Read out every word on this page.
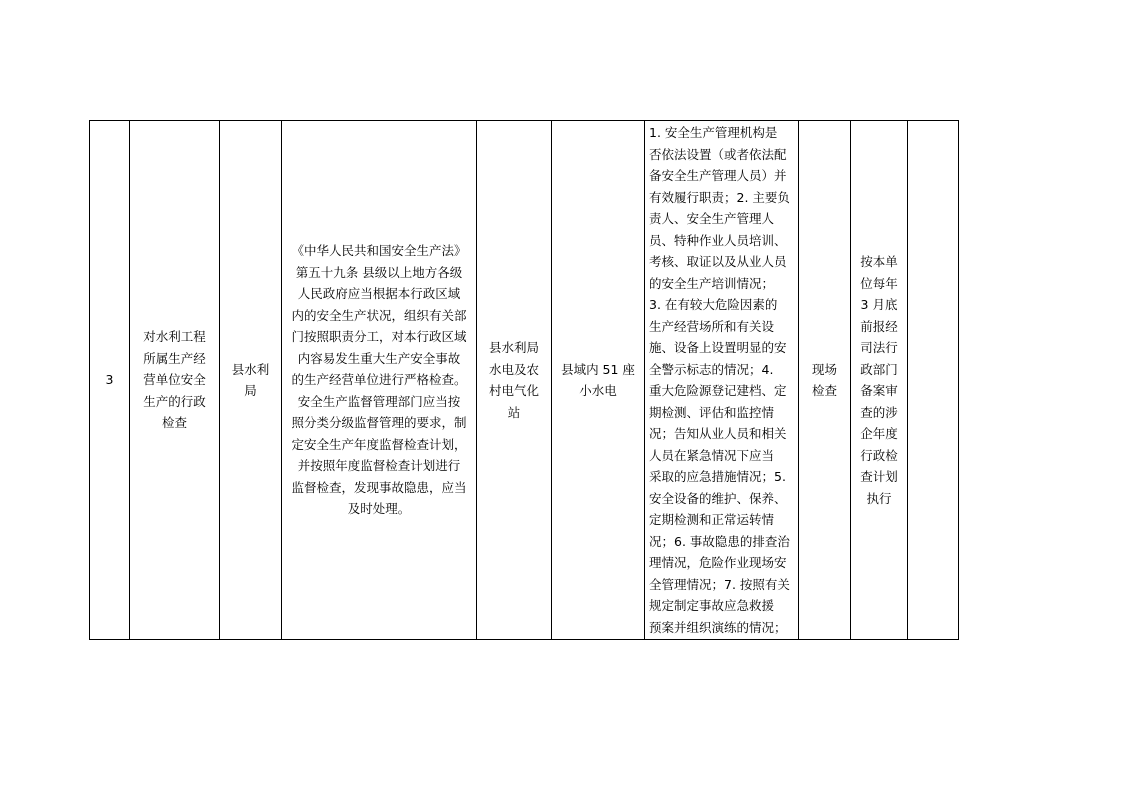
3

对水利工程
所属生产经
营单位安全
生产的行政
检查

县水利
局

《中华人民共和国安全生产法》
第五十九条 县级以上地方各级
人民政府应当根据本行政区域
内的安全生产状况，组织有关部
门按照职责分工，对本行政区域
内容易发生重大生产安全事故
的生产经营单位进行严格检查。
安全生产监督管理部门应当按
照分类分级监督管理的要求，制
定安全生产年度监督检查计划，
并按照年度监督检查计划进行
监督检查，发现事故隐患，应当
及时处理。

县水利局
水电及农
村电气化
站

县域内 51 座
小水电

1. 安全生产管理机构是
否依法设置（或者依法配
备安全生产管理人员）并
有效履行职责；2. 主要负
责人、安全生产管理人
员、特种作业人员培训、
考核、取证以及从业人员
的安全生产培训情况；
3. 在有较大危险因素的
生产经营场所和有关设
施、设备上设置明显的安
全警示标志的情况；4.
重大危险源登记建档、定
期检测、评估和监控情
况；告知从业人员和相关
人员在紧急情况下应当
采取的应急措施情况；5.
安全设备的维护、保养、
定期检测和正常运转情
况；6. 事故隐患的排查治
理情况，危险作业现场安
全管理情况；7. 按照有关
规定制定事故应急救援
预案并组织演练的情况；

现场
检查

按本单
位每年
3 月底
前报经
司法行
政部门
备案审
查的涉
企年度
行政检
查计划
执行
